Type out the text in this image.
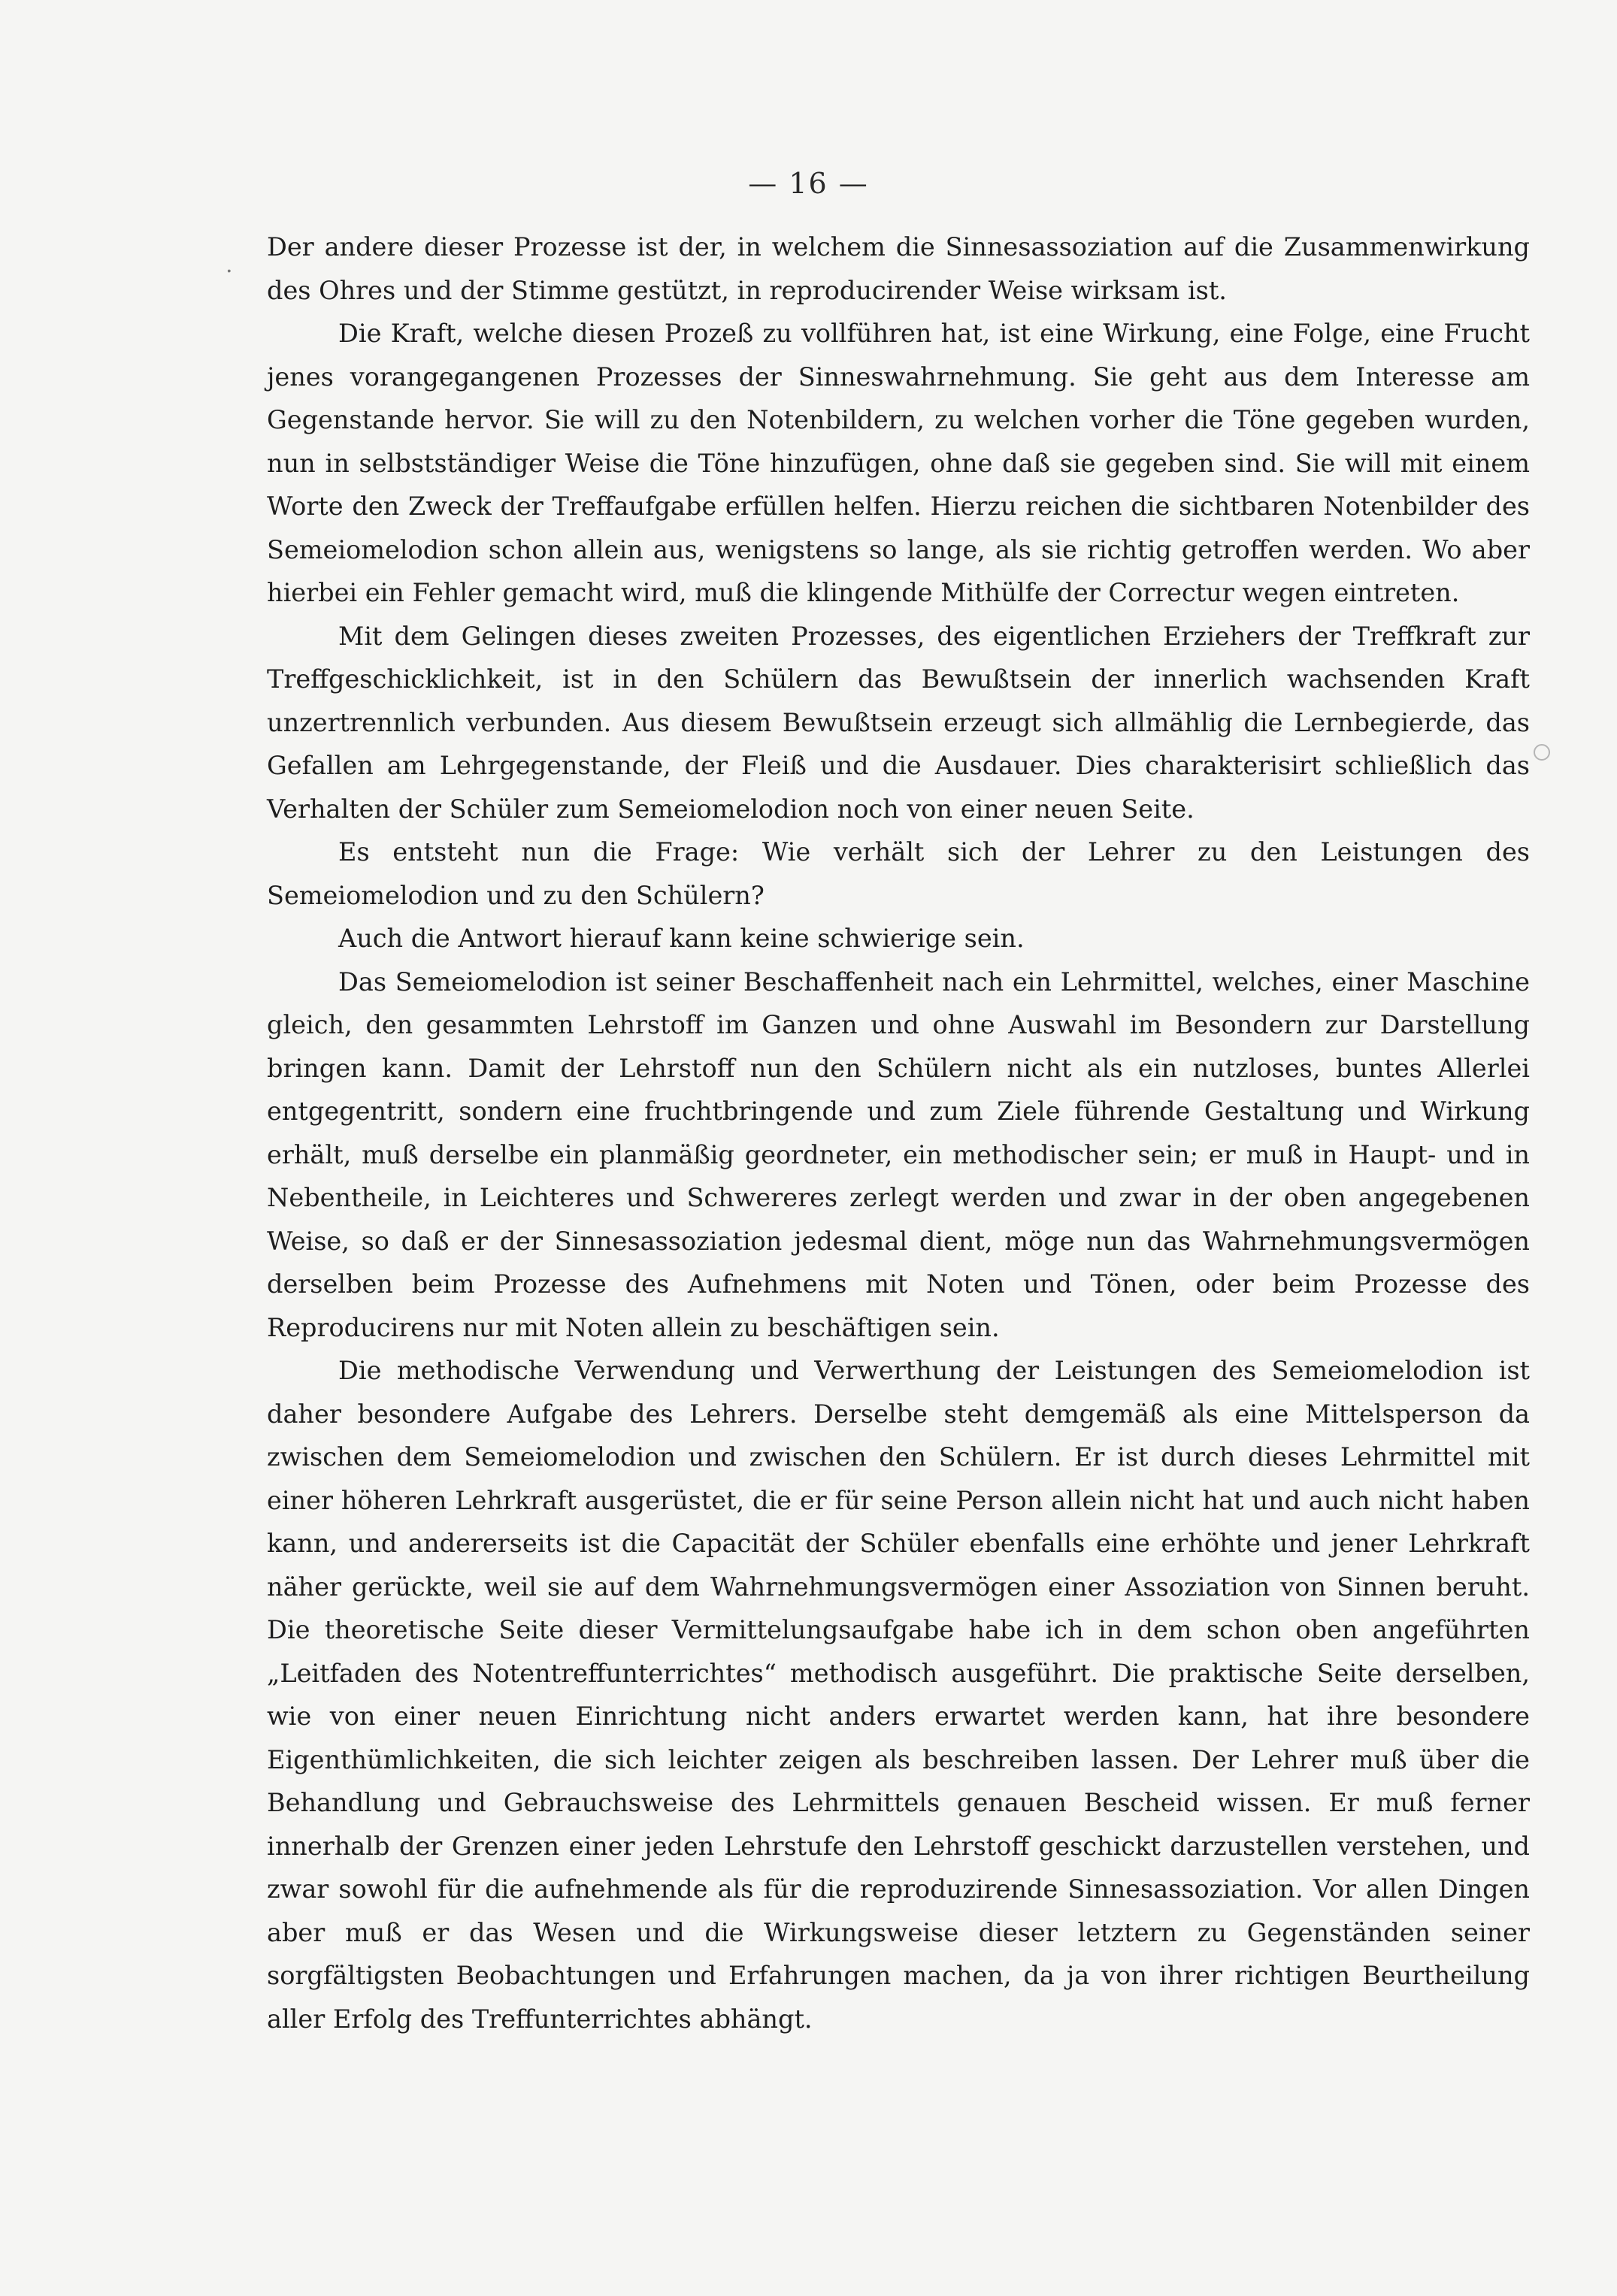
— 16 —
.

Der andere dieser Prozesse ist der, in welchem die Sinnesassoziation auf die Zusammenwirkung des Ohres und der Stimme gestützt, in reproducirender Weise wirksam ist.

Die Kraft, welche diesen Prozeß zu vollführen hat, ist eine Wirkung, eine Folge, eine Frucht jenes vorangegangenen Prozesses der Sinneswahrnehmung. Sie geht aus dem Interesse am Gegenstande hervor. Sie will zu den Notenbildern, zu welchen vorher die Töne gegeben wurden, nun in selbstständiger Weise die Töne hinzufügen, ohne daß sie gegeben sind. Sie will mit einem Worte den Zweck der Treffaufgabe erfüllen helfen. Hierzu reichen die sichtbaren Notenbilder des Semeiomelodion schon allein aus, wenigstens so lange, als sie richtig getroffen werden. Wo aber hierbei ein Fehler gemacht wird, muß die klingende Mithülfe der Correctur wegen eintreten.

Mit dem Gelingen dieses zweiten Prozesses, des eigentlichen Erziehers der Treffkraft zur Treffgeschicklichkeit, ist in den Schülern das Bewußtsein der innerlich wachsenden Kraft unzertrennlich verbunden. Aus diesem Bewußtsein erzeugt sich allmählig die Lernbegierde, das Gefallen am Lehrgegenstande, der Fleiß und die Ausdauer. Dies charakterisirt schließlich das Verhalten der Schüler zum Semeiomelodion noch von einer neuen Seite.

Es entsteht nun die Frage: Wie verhält sich der Lehrer zu den Leistungen des Semeiomelodion und zu den Schülern?

Auch die Antwort hierauf kann keine schwierige sein.

Das Semeiomelodion ist seiner Beschaffenheit nach ein Lehrmittel, welches, einer Maschine gleich, den gesammten Lehrstoff im Ganzen und ohne Auswahl im Besondern zur Darstellung bringen kann. Damit der Lehrstoff nun den Schülern nicht als ein nutzloses, buntes Allerlei entgegentritt, sondern eine fruchtbringende und zum Ziele führende Gestaltung und Wirkung erhält, muß derselbe ein planmäßig geordneter, ein methodischer sein; er muß in Haupt- und in Nebentheile, in Leichteres und Schwereres zerlegt werden und zwar in der oben angegebenen Weise, so daß er der Sinnesassoziation jedesmal dient, möge nun das Wahrnehmungsvermögen derselben beim Prozesse des Aufnehmens mit Noten und Tönen, oder beim Prozesse des Reproducirens nur mit Noten allein zu beschäftigen sein.

Die methodische Verwendung und Verwerthung der Leistungen des Semeiomelodion ist daher besondere Aufgabe des Lehrers. Derselbe steht demgemäß als eine Mittelsperson da zwischen dem Semeiomelodion und zwischen den Schülern. Er ist durch dieses Lehrmittel mit einer höheren Lehrkraft ausgerüstet, die er für seine Person allein nicht hat und auch nicht haben kann, und andererseits ist die Capacität der Schüler ebenfalls eine erhöhte und jener Lehrkraft näher gerückte, weil sie auf dem Wahrnehmungsvermögen einer Assoziation von Sinnen beruht. Die theoretische Seite dieser Vermittelungsaufgabe habe ich in dem schon oben angeführten „Leitfaden des Notentreffunterrichtes“ methodisch ausgeführt. Die praktische Seite derselben, wie von einer neuen Einrichtung nicht anders erwartet werden kann, hat ihre besondere Eigenthümlichkeiten, die sich leichter zeigen als beschreiben lassen. Der Lehrer muß über die Behandlung und Gebrauchsweise des Lehrmittels genauen Bescheid wissen. Er muß ferner innerhalb der Grenzen einer jeden Lehrstufe den Lehrstoff geschickt darzustellen verstehen, und zwar sowohl für die aufnehmende als für die reproduzirende Sinnesassoziation. Vor allen Dingen aber muß er das Wesen und die Wirkungsweise dieser letztern zu Gegenständen seiner sorgfältigsten Beobachtungen und Erfahrungen machen, da ja von ihrer richtigen Beurtheilung aller Erfolg des Treffunterrichtes abhängt.
